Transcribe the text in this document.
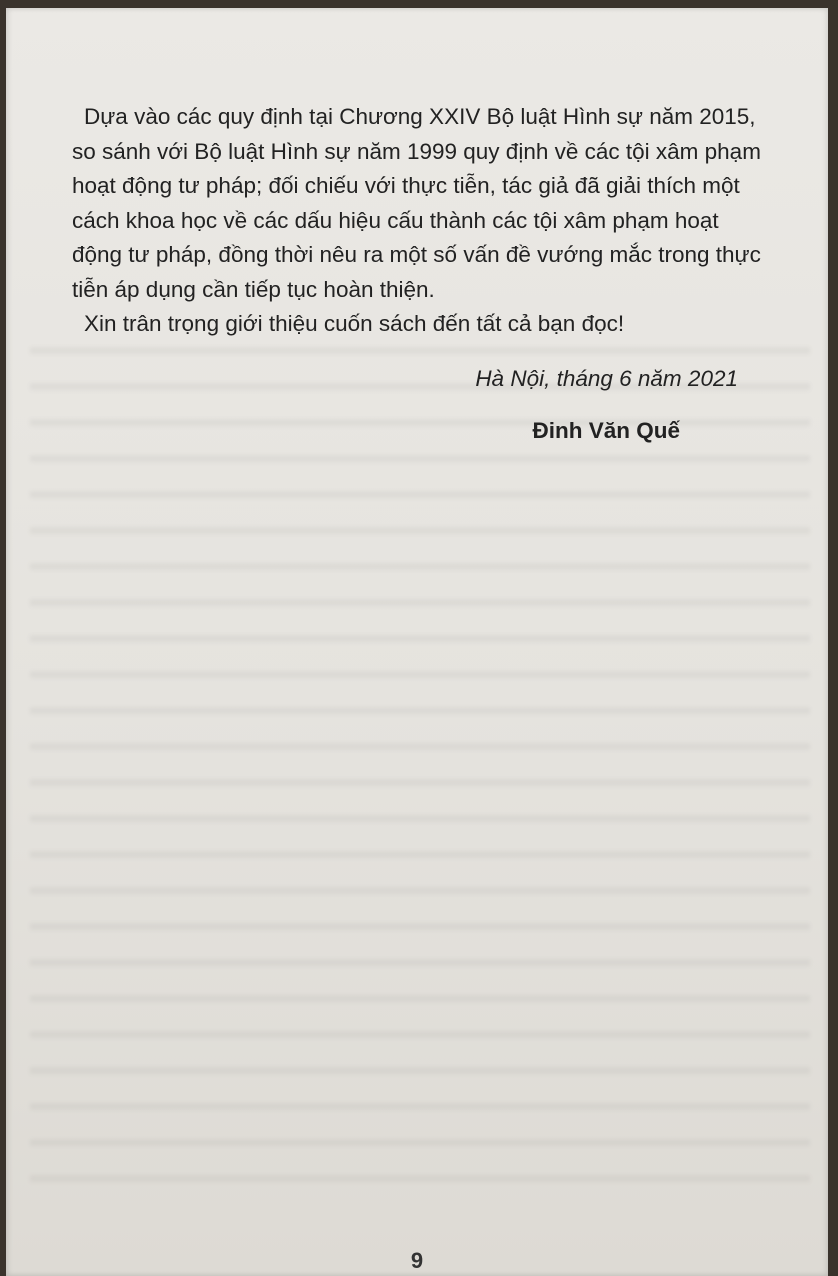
Dựa vào các quy định tại Chương XXIV Bộ luật Hình sự năm 2015, so sánh với Bộ luật Hình sự năm 1999 quy định về các tội xâm phạm hoạt động tư pháp; đối chiếu với thực tiễn, tác giả đã giải thích một cách khoa học về các dấu hiệu cấu thành các tội xâm phạm hoạt động tư pháp, đồng thời nêu ra một số vấn đề vướng mắc trong thực tiễn áp dụng cần tiếp tục hoàn thiện.

Xin trân trọng giới thiệu cuốn sách đến tất cả bạn đọc!

Hà Nội, tháng 6 năm 2021
Đinh Văn Quế
9
